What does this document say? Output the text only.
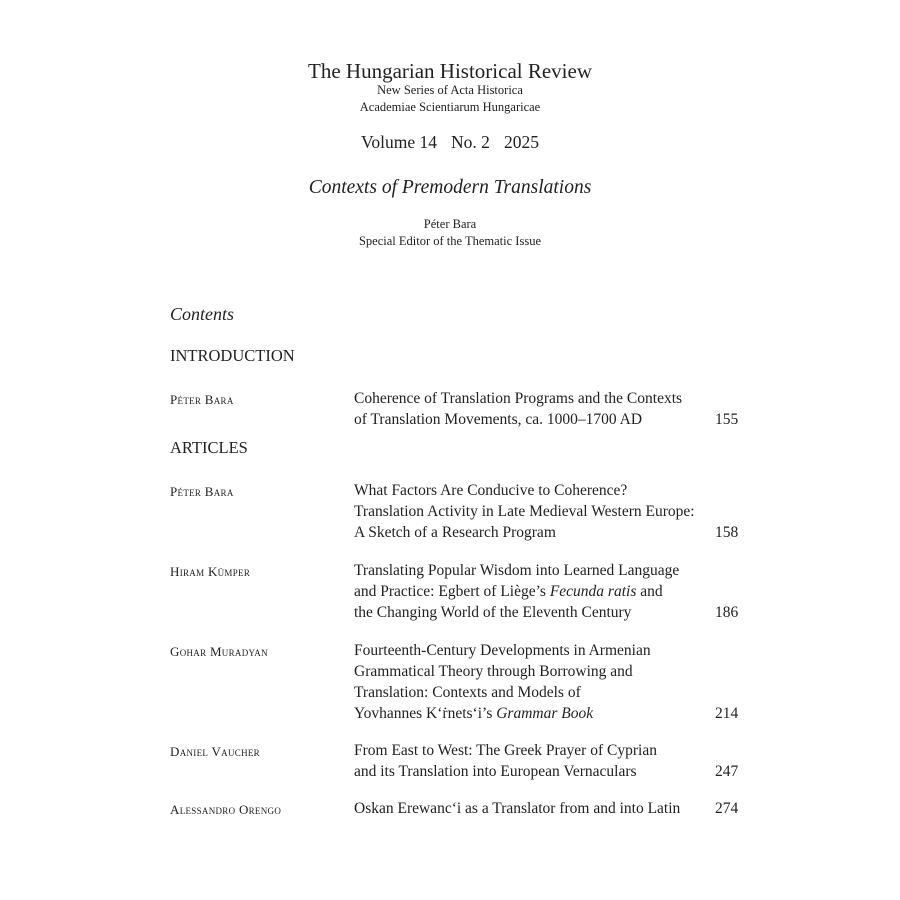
The Hungarian Historical Review
New Series of Acta Historica
Academiae Scientiarum Hungaricae
Volume 14 No. 2 2025
Contexts of Premodern Translations
Péter Bara
Special Editor of the Thematic Issue
Contents
INTRODUCTION
Péter Bara	Coherence of Translation Programs and the Contexts
of Translation Movements, ca. 1000–1700 AD	155
ARTICLES
Péter Bara	What Factors Are Conducive to Coherence?
Translation Activity in Late Medieval Western Europe:
A Sketch of a Research Program	158
Hiram Kümper	Translating Popular Wisdom into Learned Language
and Practice: Egbert of Liège’s Fecunda ratis and
the Changing World of the Eleventh Century	186
Gohar Muradyan	Fourteenth-Century Developments in Armenian
Grammatical Theory through Borrowing and
Translation: Contexts and Models of
Yovhannes K‘ṙnets‘i’s Grammar Book	214
Daniel Vaucher	From East to West: The Greek Prayer of Cyprian
and its Translation into European Vernaculars	247
Alessandro Orengo	Oskan Erewanc‘i as a Translator from and into Latin 274
